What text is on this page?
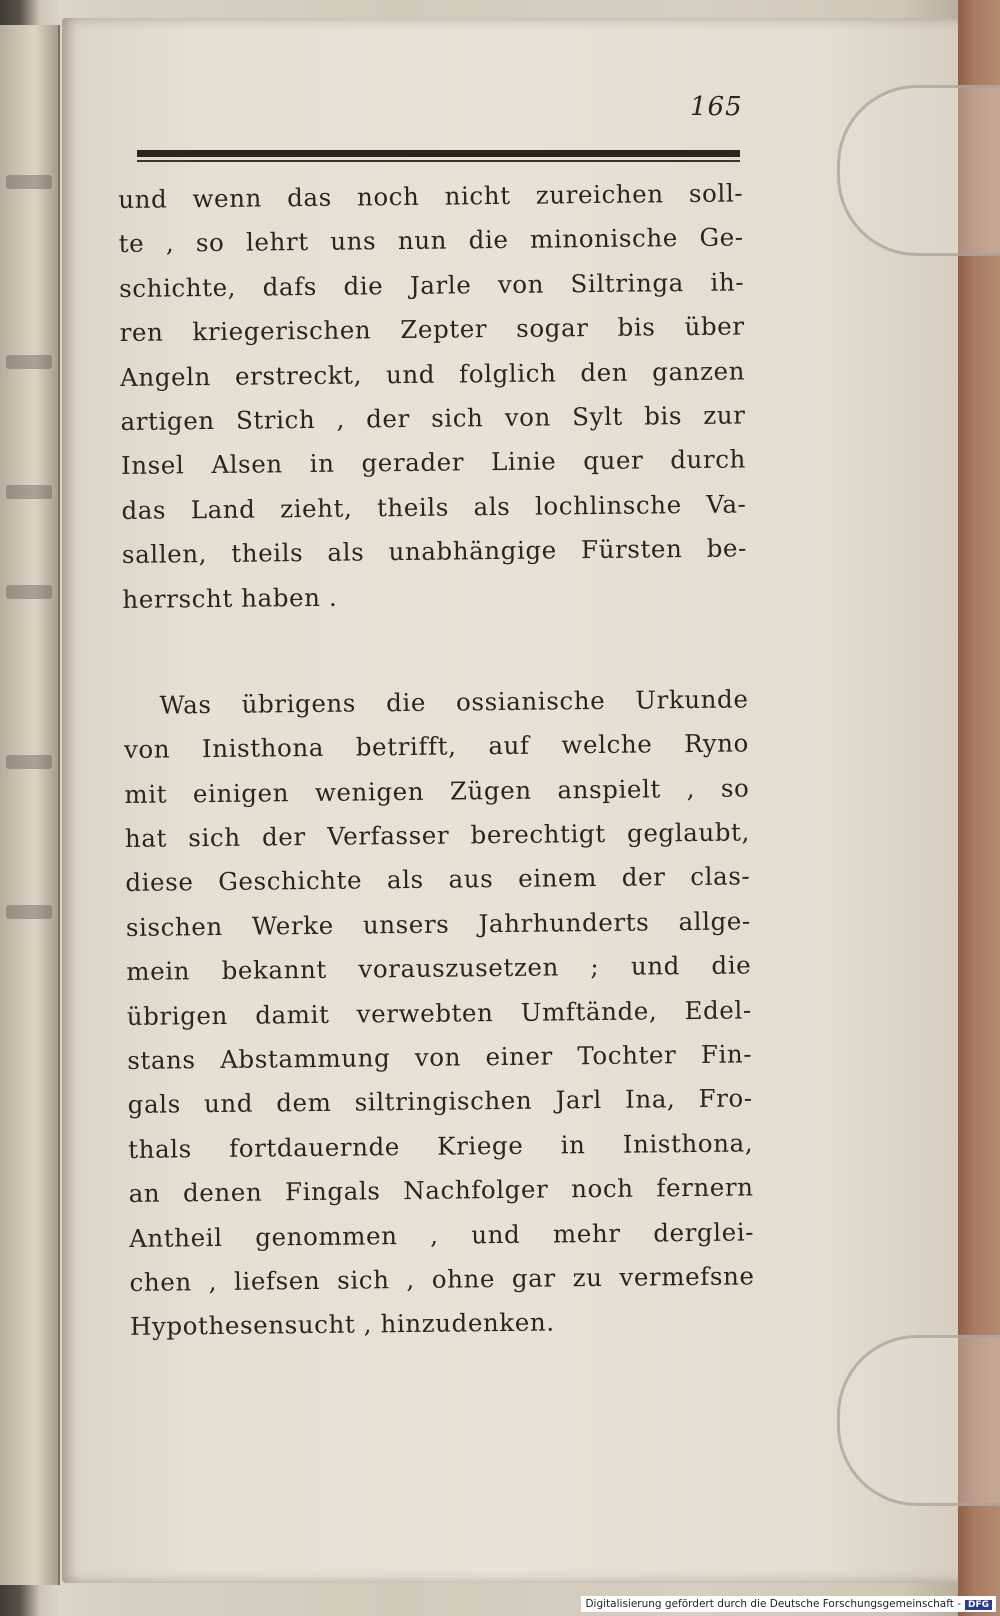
165
und wenn das noch nicht zureichen soll-
te , so lehrt uns nun die minonische Ge-
schichte, dafs die Jarle von Siltringa ih-
ren kriegerischen Zepter sogar bis über
Angeln erstreckt, und folglich den ganzen
artigen Strich , der sich von Sylt bis zur
Insel Alsen in gerader Linie quer durch
das Land zieht, theils als lochlinsche Va-
sallen, theils als unabhängige Fürsten be-
herrscht haben .
Was übrigens die ossianische Urkunde
von Inisthona betrifft, auf welche Ryno
mit einigen wenigen Zügen anspielt , so
hat sich der Verfasser berechtigt geglaubt,
diese Geschichte als aus einem der clas-
sischen Werke unsers Jahrhunderts allge-
mein bekannt vorauszusetzen ; und die
übrigen damit verwebten Umftände, Edel-
stans Abstammung von einer Tochter Fin-
gals und dem siltringischen Jarl Ina, Fro-
thals fortdauernde Kriege in Inisthona,
an denen Fingals Nachfolger noch fernern
Antheil genommen , und mehr derglei-
chen , liefsen sich , ohne gar zu vermefsne
Hypothesensucht , hinzudenken.
Digitalisierung gefördert durch die Deutsche Forschungsgemeinschaft - DFG
